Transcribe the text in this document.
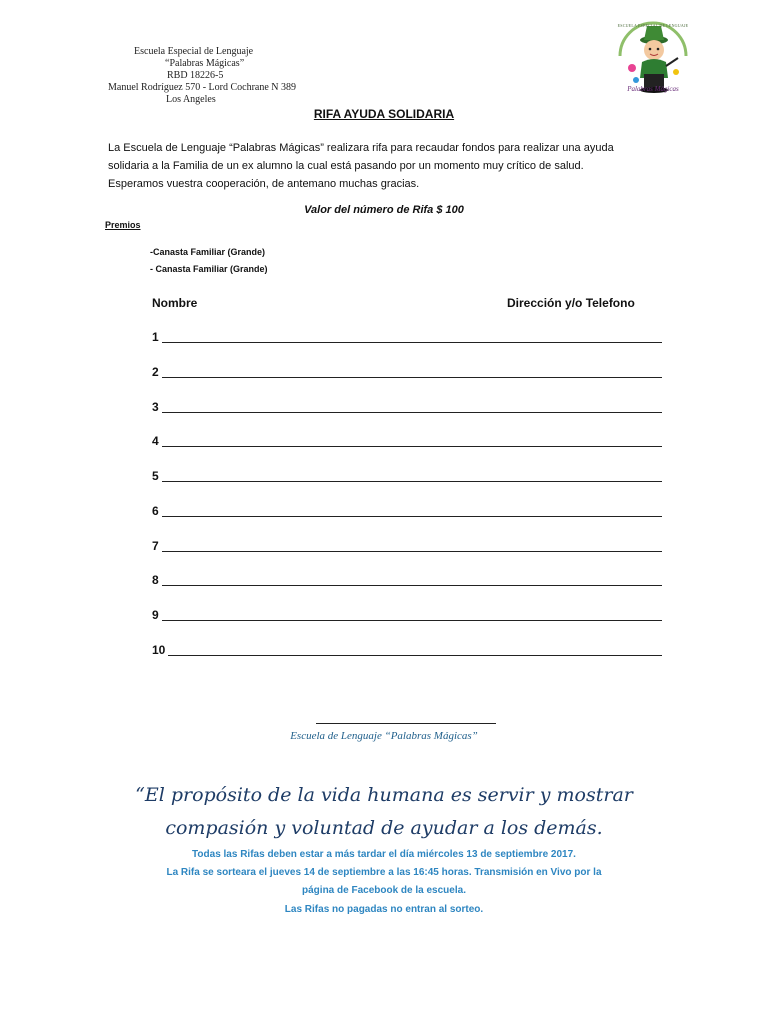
Escuela Especial de Lenguaje
“Palabras Mágicas”
RBD 18226-5
Manuel Rodríguez 570 - Lord Cochrane N 389
Los Angeles
ESCUELA ESPECIAL DE LENGUAJE
Palabras Mágicas
RIFA AYUDA SOLIDARIA
La Escuela de Lenguaje “Palabras Mágicas” realizara rifa para recaudar fondos para realizar una ayuda
solidaria a la Familia de un ex alumno la cual está pasando por un momento muy crítico de salud.
Esperamos vuestra cooperación, de antemano muchas gracias.
Valor del número de Rifa $ 100
Premios
-Canasta Familiar (Grande)
- Canasta Familiar (Grande)
Nombre	Dirección y/o Telefono
1
2
3
4
5
6
7
8
9
10
Escuela de Lenguaje “Palabras Mágicas”
“El propósito de la vida humana es servir y mostrar
compasión y voluntad de ayudar a los demás.
Todas las Rifas deben estar a más tardar el día miércoles 13 de septiembre 2017.
La Rifa se sorteara el jueves 14 de septiembre a las 16:45 horas. Transmisión en Vivo por la
página de Facebook de la escuela.
Las Rifas no pagadas no entran al sorteo.
